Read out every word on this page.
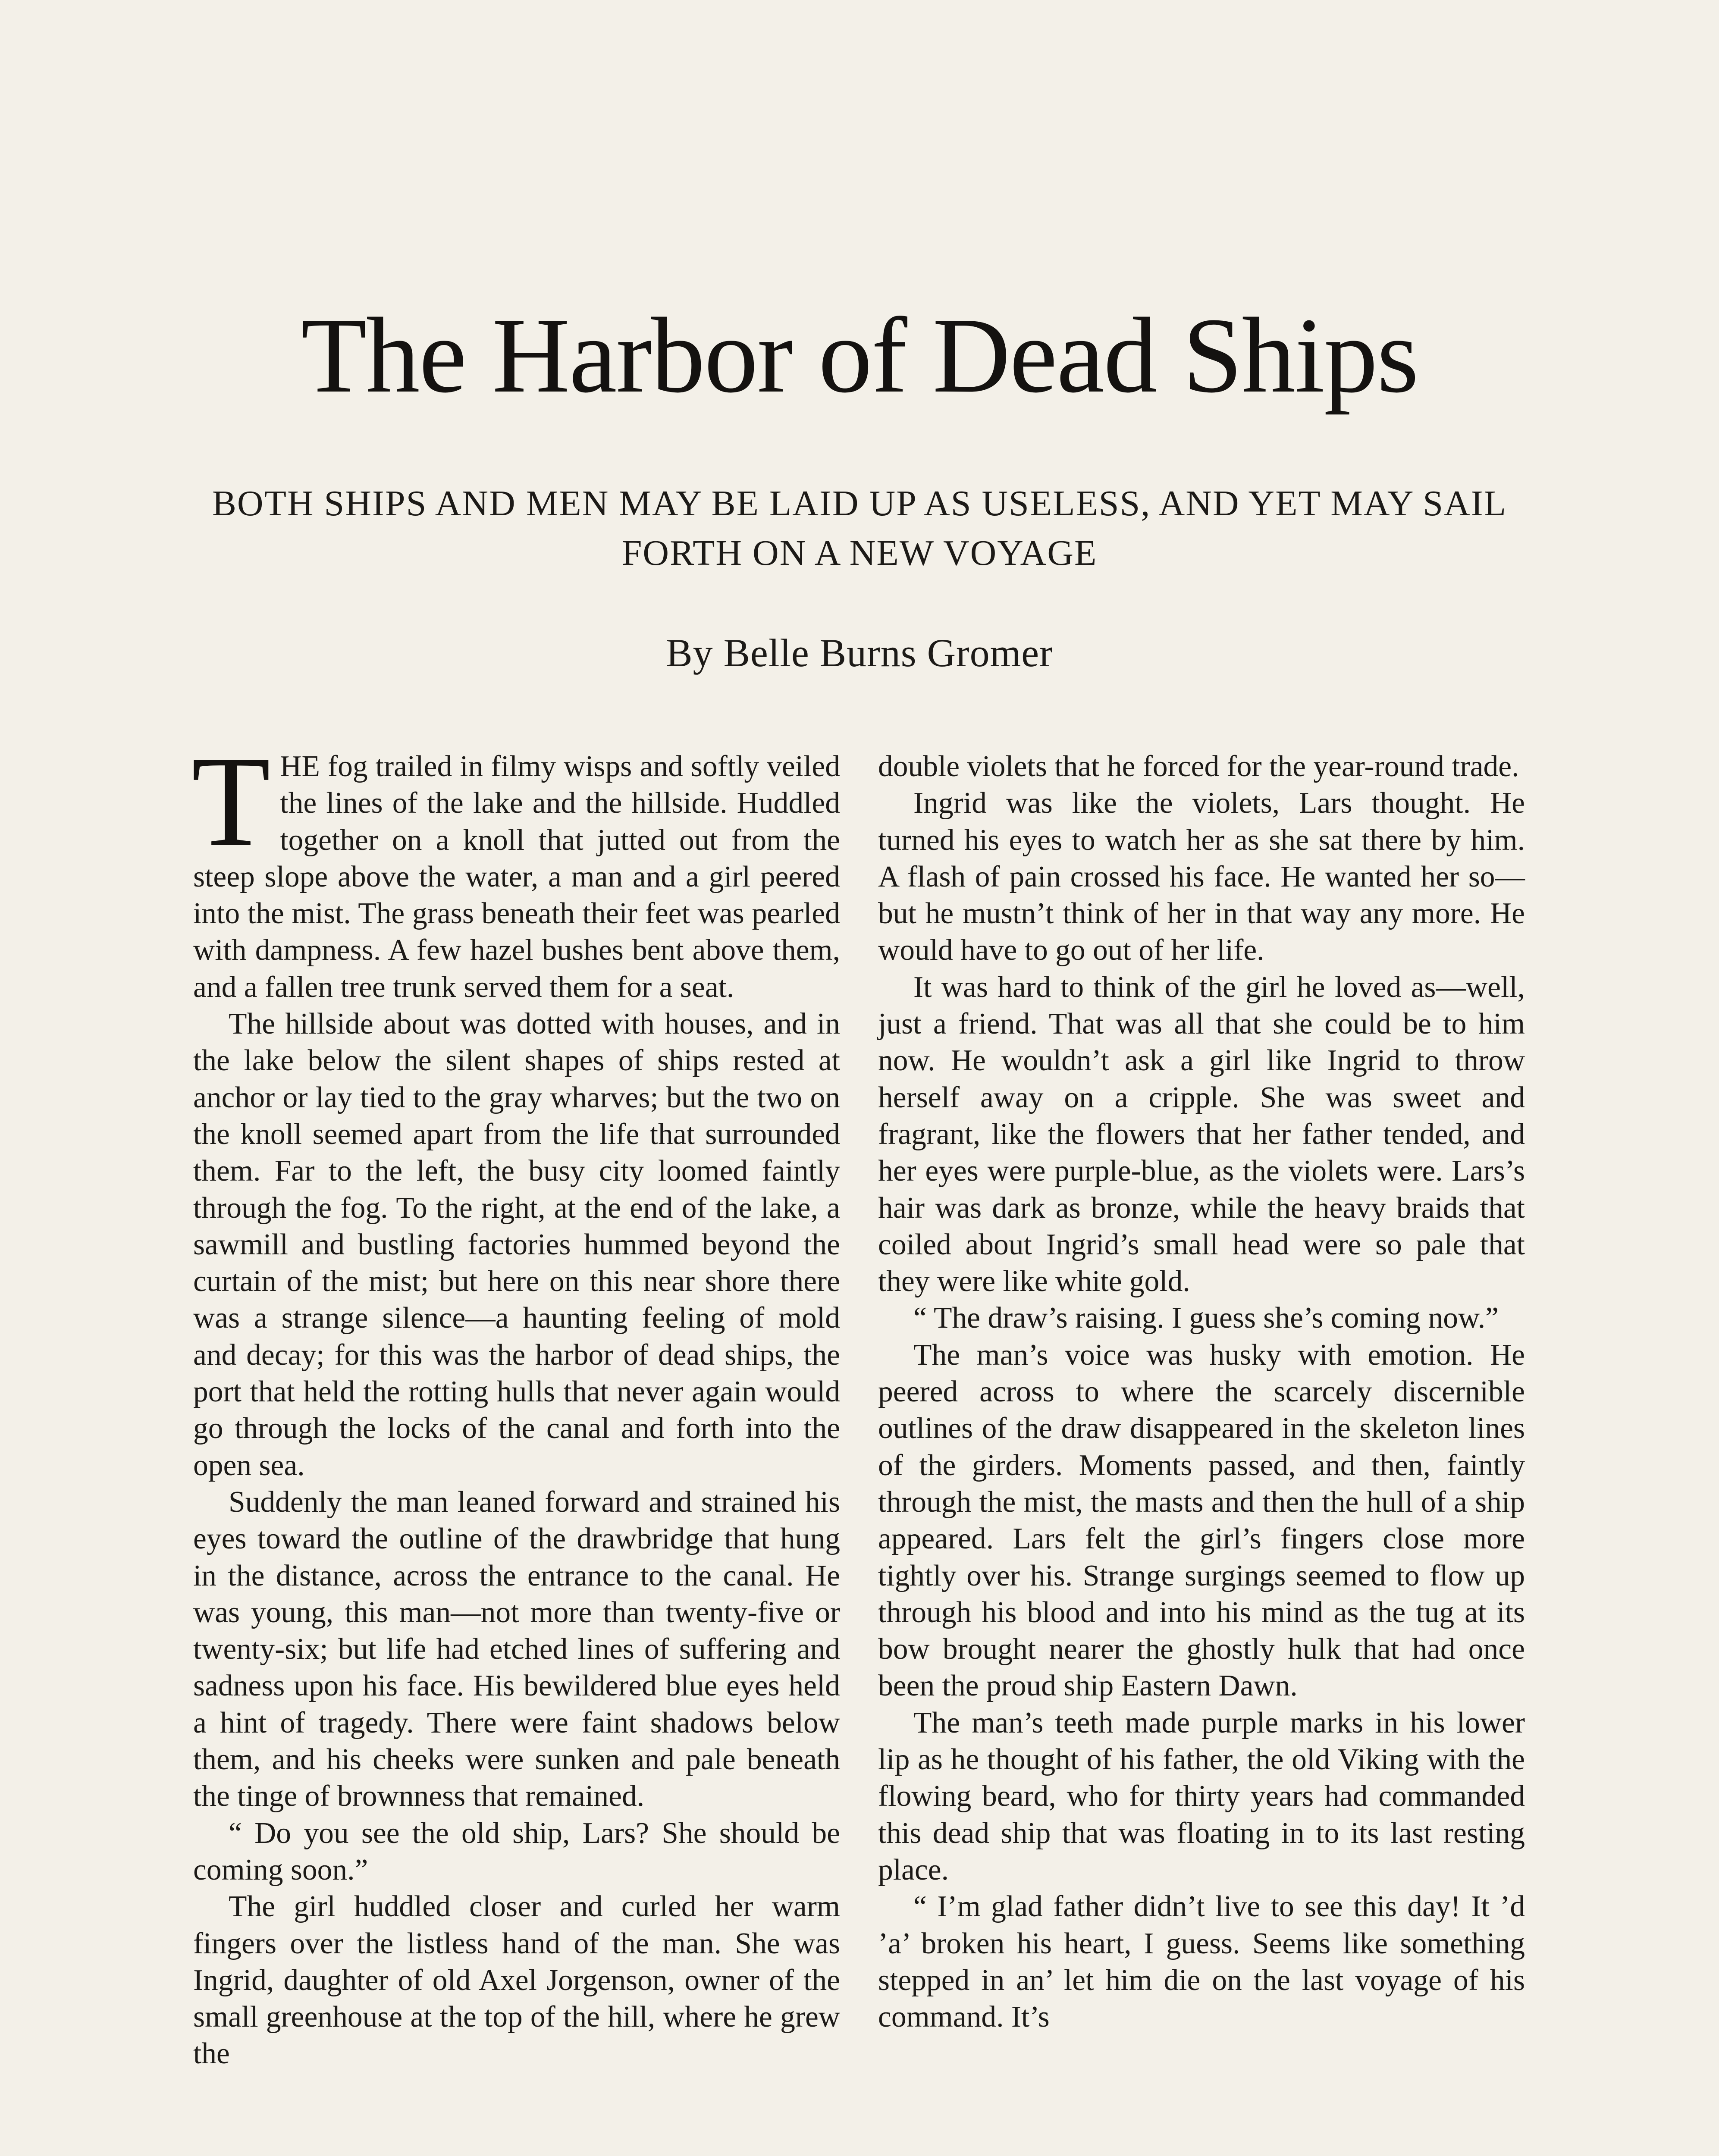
The Harbor of Dead Ships
BOTH SHIPS AND MEN MAY BE LAID UP AS USELESS, AND YET MAY SAIL FORTH ON A NEW VOYAGE
By Belle Burns Gromer

THE fog trailed in filmy wisps and softly veiled the lines of the lake and the hillside. Huddled together on a knoll that jutted out from the steep slope above the water, a man and a girl peered into the mist. The grass beneath their feet was pearled with dampness. A few hazel bushes bent above them, and a fallen tree trunk served them for a seat.

The hillside about was dotted with houses, and in the lake below the silent shapes of ships rested at anchor or lay tied to the gray wharves; but the two on the knoll seemed apart from the life that surrounded them. Far to the left, the busy city loomed faintly through the fog. To the right, at the end of the lake, a sawmill and bustling factories hummed beyond the curtain of the mist; but here on this near shore there was a strange silence—a haunting feeling of mold and decay; for this was the harbor of dead ships, the port that held the rotting hulls that never again would go through the locks of the canal and forth into the open sea.

Suddenly the man leaned forward and strained his eyes toward the outline of the drawbridge that hung in the distance, across the entrance to the canal. He was young, this man—not more than twenty-five or twenty-six; but life had etched lines of suffering and sadness upon his face. His bewildered blue eyes held a hint of tragedy. There were faint shadows below them, and his cheeks were sunken and pale beneath the tinge of brownness that remained.

“ Do you see the old ship, Lars? She should be coming soon.”

The girl huddled closer and curled her warm fingers over the listless hand of the man. She was Ingrid, daughter of old Axel Jorgenson, owner of the small greenhouse at the top of the hill, where he grew the

double violets that he forced for the year-round trade.

Ingrid was like the violets, Lars thought. He turned his eyes to watch her as she sat there by him. A flash of pain crossed his face. He wanted her so—but he mustn’t think of her in that way any more. He would have to go out of her life.

It was hard to think of the girl he loved as—well, just a friend. That was all that she could be to him now. He wouldn’t ask a girl like Ingrid to throw herself away on a cripple. She was sweet and fragrant, like the flowers that her father tended, and her eyes were purple-blue, as the violets were. Lars’s hair was dark as bronze, while the heavy braids that coiled about Ingrid’s small head were so pale that they were like white gold.

“ The draw’s raising. I guess she’s coming now.”

The man’s voice was husky with emotion. He peered across to where the scarcely discernible outlines of the draw disappeared in the skeleton lines of the girders. Moments passed, and then, faintly through the mist, the masts and then the hull of a ship appeared. Lars felt the girl’s fingers close more tightly over his. Strange surgings seemed to flow up through his blood and into his mind as the tug at its bow brought nearer the ghostly hulk that had once been the proud ship Eastern Dawn.

The man’s teeth made purple marks in his lower lip as he thought of his father, the old Viking with the flowing beard, who for thirty years had commanded this dead ship that was floating in to its last resting place.

“ I’m glad father didn’t live to see this day! It ’d ’a’ broken his heart, I guess. Seems like something stepped in an’ let him die on the last voyage of his command. It’s
